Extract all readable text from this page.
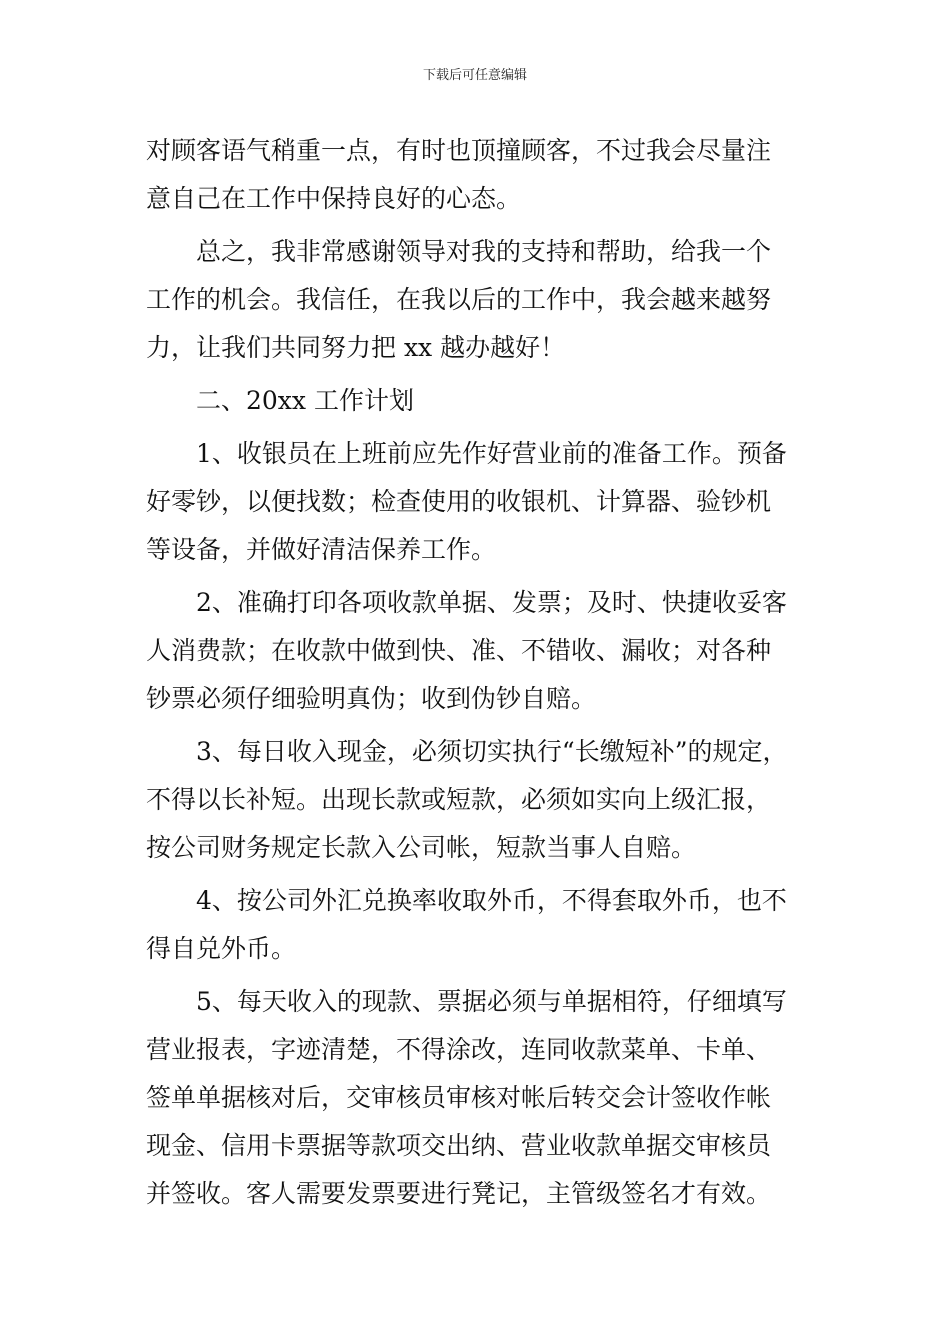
下载后可任意编辑
对顾客语气稍重一点，有时也顶撞顾客，不过我会尽量注
意自己在工作中保持良好的心态。
总之，我非常感谢领导对我的支持和帮助，给我一个
工作的机会。我信任，在我以后的工作中，我会越来越努
力，让我们共同努力把 xx 越办越好！
二、20xx 工作计划
1、收银员在上班前应先作好营业前的准备工作。预备
好零钞，以便找数；检查使用的收银机、计算器、验钞机
等设备，并做好清洁保养工作。
2、准确打印各项收款单据、发票；及时、快捷收妥客
人消费款；在收款中做到快、准、不错收、漏收；对各种
钞票必须仔细验明真伪；收到伪钞自赔。
3、每日收入现金，必须切实执行“长缴短补”的规定，
不得以长补短。出现长款或短款，必须如实向上级汇报，
按公司财务规定长款入公司帐，短款当事人自赔。
4、按公司外汇兑换率收取外币，不得套取外币，也不
得自兑外币。
5、每天收入的现款、票据必须与单据相符，仔细填写
营业报表，字迹清楚，不得涂改，连同收款菜单、卡单、
签单单据核对后，交审核员审核对帐后转交会计签收作帐
现金、信用卡票据等款项交出纳、营业收款单据交审核员
并签收。客人需要发票要进行凳记，主管级签名才有效。
